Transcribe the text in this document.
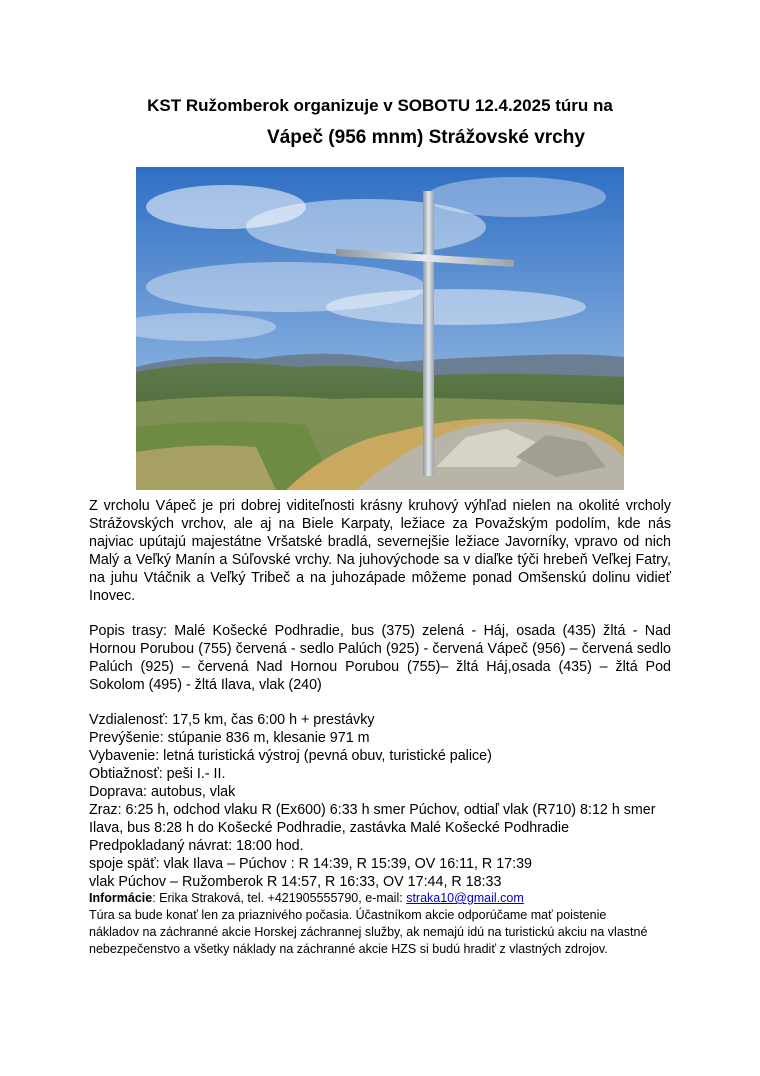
KST Ružomberok organizuje v SOBOTU 12.4.2025 túru na
Vápeč (956 mnm) Strážovské vrchy
Z vrcholu Vápeč je pri dobrej viditeľnosti krásny kruhový výhľad nielen na okolité vrcholy Strážovských vrchov, ale aj na Biele Karpaty, ležiace za Považským podolím, kde nás najviac upútajú majestátne Vršatské bradlá, severnejšie ležiace Javorníky, vpravo od nich Malý a Veľký Manín a Súľovské vrchy. Na juhovýchode sa v diaľke týči hrebeň Veľkej Fatry, na juhu Vtáčnik a Veľký Tribeč a na juhozápade môžeme ponad Omšenskú dolinu vidieť Inovec.
Popis trasy: Malé Košecké Podhradie, bus (375) zelená - Háj, osada (435) žltá - Nad Hornou Porubou (755) červená - sedlo Palúch (925) - červená Vápeč (956) – červená sedlo Palúch (925) – červená Nad Hornou Porubou (755)– žltá Háj,osada (435) – žltá Pod Sokolom (495) - žltá Ilava, vlak (240)
Vzdialenosť: 17,5 km, čas 6:00 h + prestávky
Prevýšenie: stúpanie 836 m, klesanie 971 m
Vybavenie: letná turistická výstroj (pevná obuv, turistické palice)
Obtiažnosť: peši I.- II.
Doprava: autobus, vlak
Zraz: 6:25 h, odchod vlaku R (Ex600) 6:33 h smer Púchov, odtiaľ vlak (R710) 8:12 h smer Ilava, bus 8:28 h do Košecké Podhradie, zastávka Malé Košecké Podhradie
Predpokladaný návrat: 18:00 hod.
spoje späť: vlak Ilava – Púchov : R 14:39, R 15:39, OV 16:11, R 17:39
vlak Púchov – Ružomberok R 14:57, R 16:33, OV 17:44, R 18:33
Informácie: Erika Straková, tel. +421905555790, e-mail: straka10@gmail.com
Túra sa bude konať len za priaznivého počasia. Účastníkom akcie odporúčame mať poistenie nákladov na záchranné akcie Horskej záchrannej služby, ak nemajú idú na turistickú akciu na vlastné nebezpečenstvo a všetky náklady na záchranné akcie HZS si budú hradiť z vlastných zdrojov.
